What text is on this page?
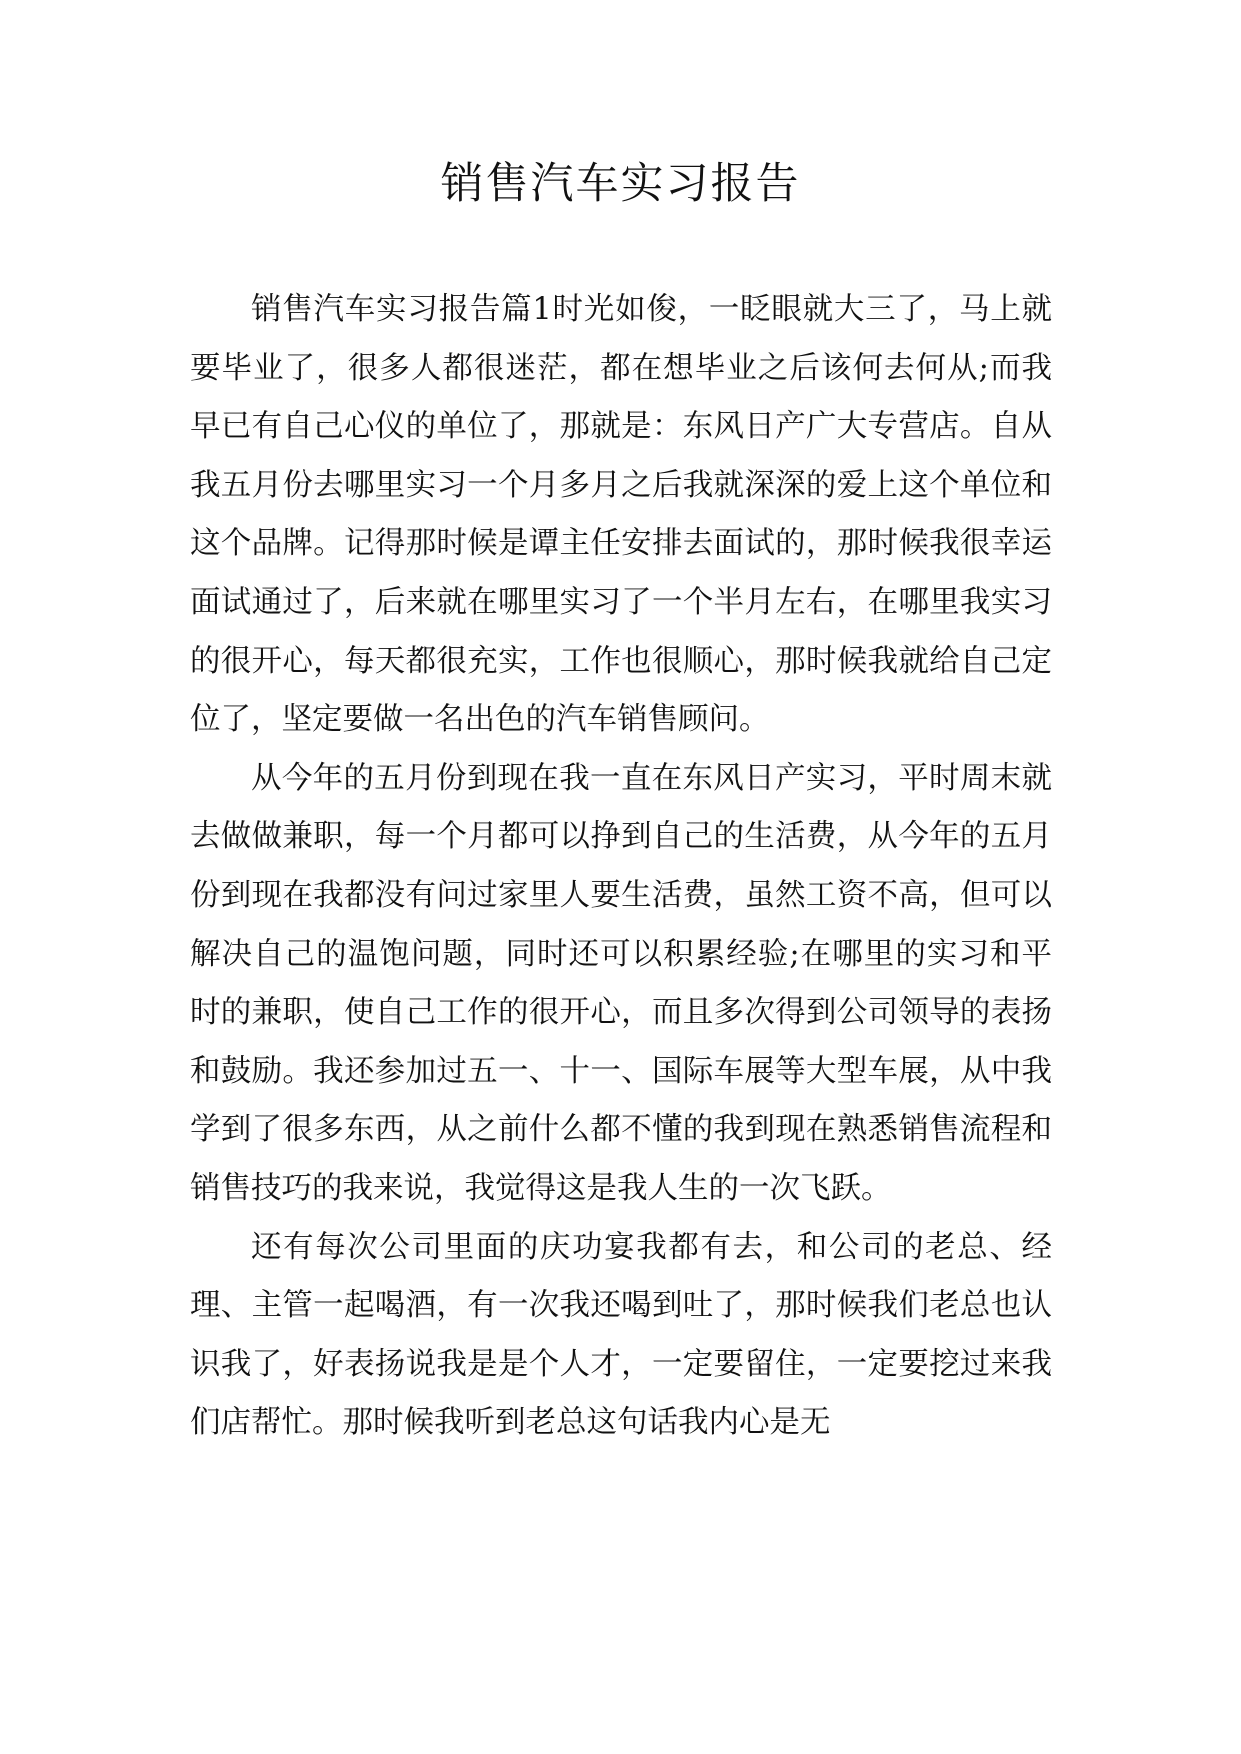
销售汽车实习报告

销售汽车实习报告篇1时光如俊，一眨眼就大三了，马上就要毕业了，很多人都很迷茫，都在想毕业之后该何去何从;而我早已有自己心仪的单位了，那就是：东风日产广大专营店。自从我五月份去哪里实习一个月多月之后我就深深的爱上这个单位和这个品牌。记得那时候是谭主任安排去面试的，那时候我很幸运面试通过了，后来就在哪里实习了一个半月左右，在哪里我实习的很开心，每天都很充实，工作也很顺心，那时候我就给自己定位了，坚定要做一名出色的汽车销售顾问。

从今年的五月份到现在我一直在东风日产实习，平时周末就去做做兼职，每一个月都可以挣到自己的生活费，从今年的五月份到现在我都没有问过家里人要生活费，虽然工资不高，但可以解决自己的温饱问题，同时还可以积累经验;在哪里的实习和平时的兼职，使自己工作的很开心，而且多次得到公司领导的表扬和鼓励。我还参加过五一、十一、国际车展等大型车展，从中我学到了很多东西，从之前什么都不懂的我到现在熟悉销售流程和销售技巧的我来说，我觉得这是我人生的一次飞跃。

还有每次公司里面的庆功宴我都有去，和公司的老总、经理、主管一起喝酒，有一次我还喝到吐了，那时候我们老总也认识我了，好表扬说我是是个人才，一定要留住，一定要挖过来我们店帮忙。那时候我听到老总这句话我内心是无
